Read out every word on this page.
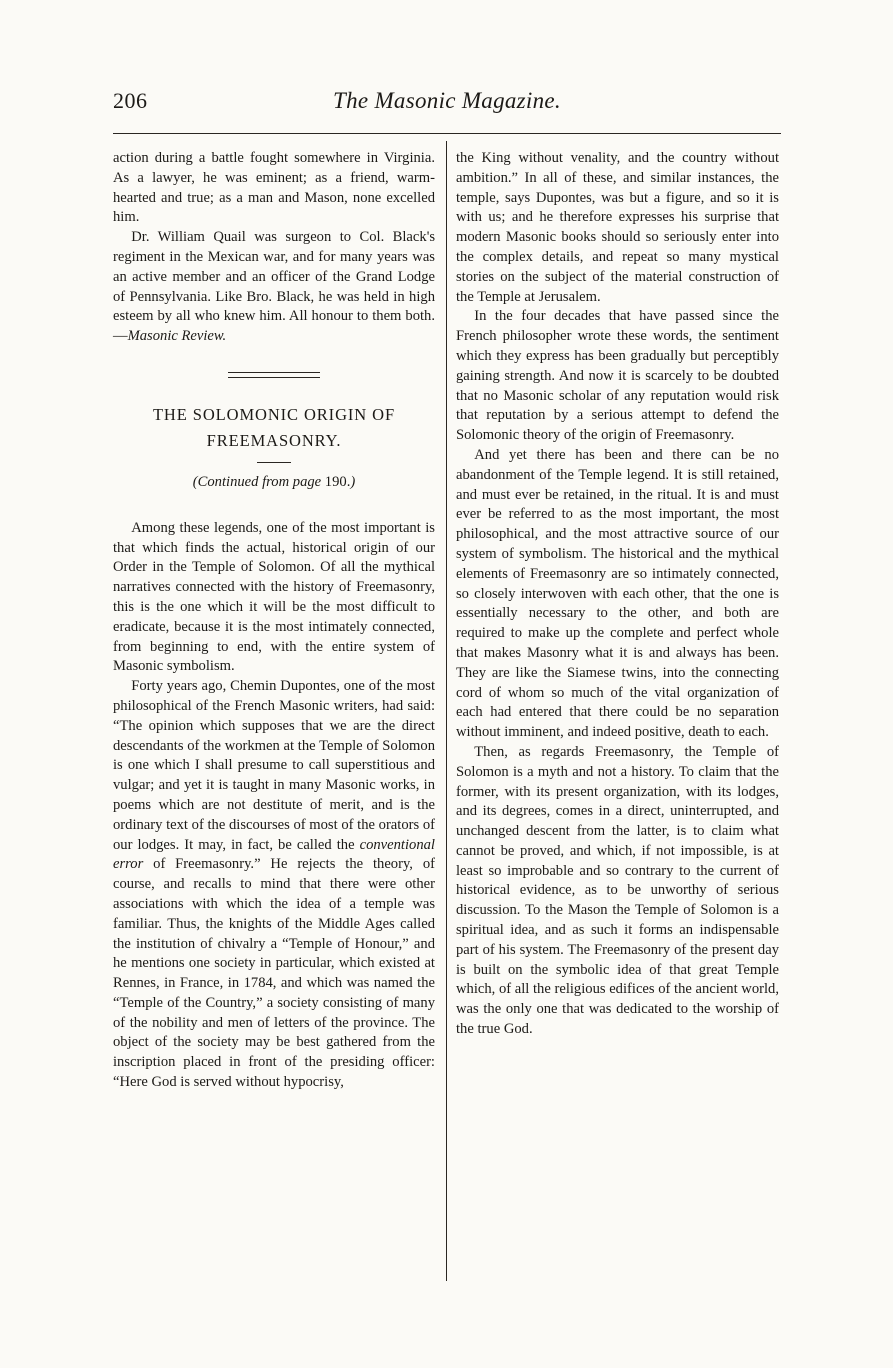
206	The Masonic Magazine.

action during a battle fought somewhere in Virginia. As a lawyer, he was eminent; as a friend, warm-hearted and true; as a man and Mason, none excelled him.

Dr. William Quail was surgeon to Col. Black's regiment in the Mexican war, and for many years was an active member and an officer of the Grand Lodge of Pennsylvania. Like Bro. Black, he was held in high esteem by all who knew him. All honour to them both.—Masonic Review.

THE SOLOMONIC ORIGIN OF
FREEMASONRY.
(Continued from page 190.)

Among these legends, one of the most important is that which finds the actual, historical origin of our Order in the Temple of Solomon. Of all the mythical narratives connected with the history of Freemasonry, this is the one which it will be the most difficult to eradicate, because it is the most intimately connected, from beginning to end, with the entire system of Masonic symbolism.

Forty years ago, Chemin Dupontes, one of the most philosophical of the French Masonic writers, had said: “The opinion which supposes that we are the direct descendants of the workmen at the Temple of Solomon is one which I shall presume to call superstitious and vulgar; and yet it is taught in many Masonic works, in poems which are not destitute of merit, and is the ordinary text of the discourses of most of the orators of our lodges. It may, in fact, be called the conventional error of Freemasonry.” He rejects the theory, of course, and recalls to mind that there were other associations with which the idea of a temple was familiar. Thus, the knights of the Middle Ages called the institution of chivalry a “Temple of Honour,” and he mentions one society in particular, which existed at Rennes, in France, in 1784, and which was named the “Temple of the Country,” a society consisting of many of the nobility and men of letters of the province. The object of the society may be best gathered from the inscription placed in front of the presiding officer: “Here God is served without hypocrisy,

the King without venality, and the country without ambition.” In all of these, and similar instances, the temple, says Dupontes, was but a figure, and so it is with us; and he therefore expresses his surprise that modern Masonic books should so seriously enter into the complex details, and repeat so many mystical stories on the subject of the material construction of the Temple at Jerusalem.

In the four decades that have passed since the French philosopher wrote these words, the sentiment which they express has been gradually but perceptibly gaining strength. And now it is scarcely to be doubted that no Masonic scholar of any reputation would risk that reputation by a serious attempt to defend the Solomonic theory of the origin of Freemasonry.

And yet there has been and there can be no abandonment of the Temple legend. It is still retained, and must ever be retained, in the ritual. It is and must ever be referred to as the most important, the most philosophical, and the most attractive source of our system of symbolism. The historical and the mythical elements of Freemasonry are so intimately connected, so closely interwoven with each other, that the one is essentially necessary to the other, and both are required to make up the complete and perfect whole that makes Masonry what it is and always has been. They are like the Siamese twins, into the connecting cord of whom so much of the vital organization of each had entered that there could be no separation without imminent, and indeed positive, death to each.

Then, as regards Freemasonry, the Temple of Solomon is a myth and not a history. To claim that the former, with its present organization, with its lodges, and its degrees, comes in a direct, uninterrupted, and unchanged descent from the latter, is to claim what cannot be proved, and which, if not impossible, is at least so improbable and so contrary to the current of historical evidence, as to be unworthy of serious discussion. To the Mason the Temple of Solomon is a spiritual idea, and as such it forms an indispensable part of his system. The Freemasonry of the present day is built on the symbolic idea of that great Temple which, of all the religious edifices of the ancient world, was the only one that was dedicated to the worship of the true God.
